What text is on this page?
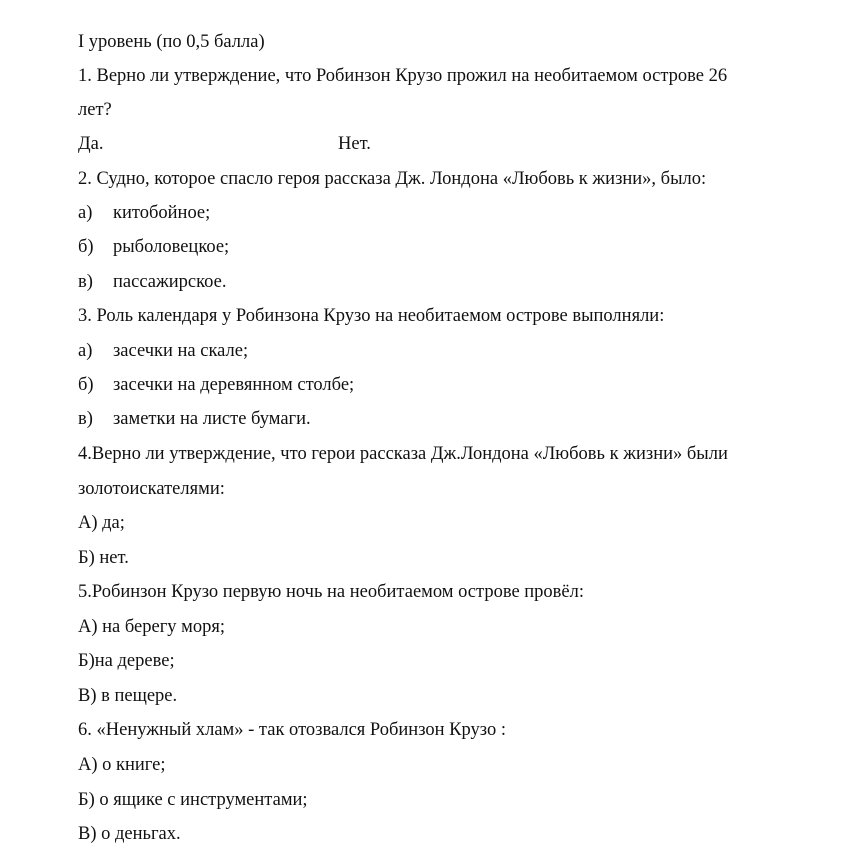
I уровень (по 0,5 балла)
1. Верно ли утверждение, что Робинзон Крузо прожил на необитаемом острове 26
лет?
Да.	Нет.
2. Судно, которое спасло героя рассказа Дж. Лондона «Любовь к жизни», было:
а) китобойное;
б) рыболовецкое;
в) пассажирское.
3. Роль календаря у Робинзона Крузо на необитаемом острове выполняли:
а) засечки на скале;
б) засечки на деревянном столбе;
в) заметки на листе бумаги.
4.Верно ли утверждение, что герои рассказа Дж.Лондона «Любовь к жизни» были
золотоискателями:
А) да;
Б) нет.
5.Робинзон Крузо первую ночь на необитаемом острове провёл:
А) на берегу моря;
Б)на дереве;
В) в пещере.
6. «Ненужный хлам» - так отозвался Робинзон Крузо :
А) о книге;
Б) о ящике с инструментами;
В) о деньгах.
